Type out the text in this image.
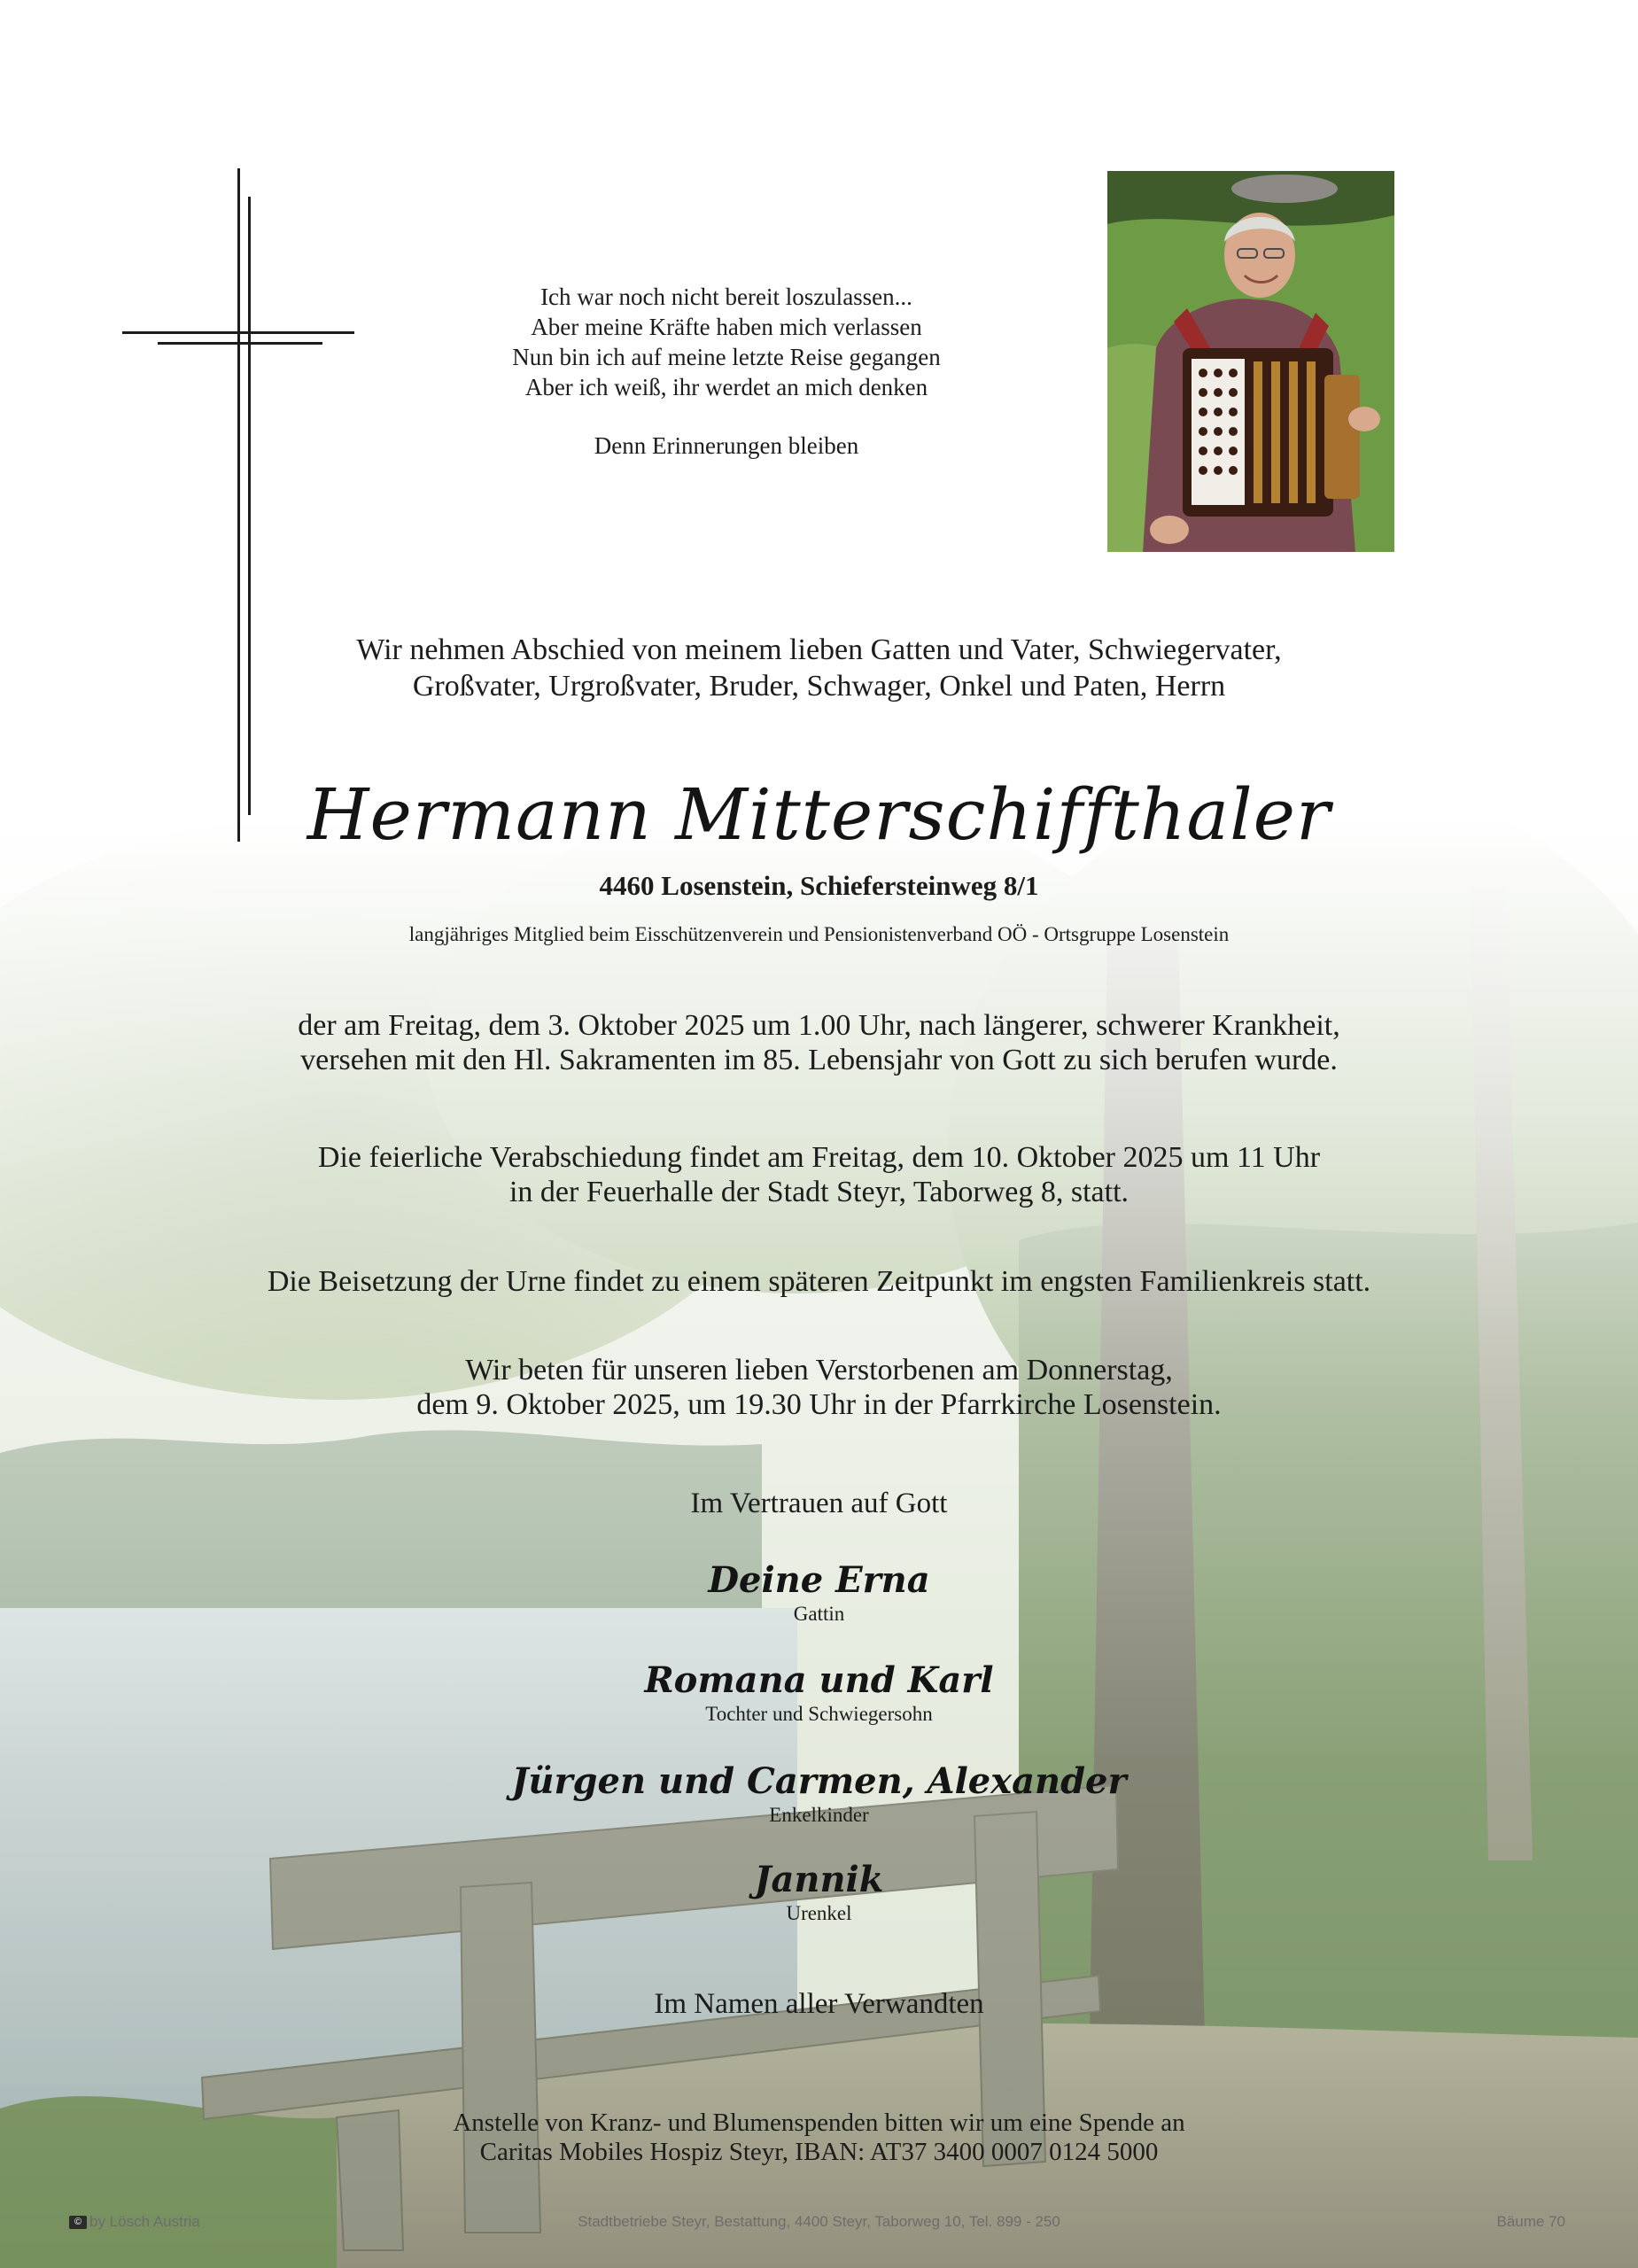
Ich war noch nicht bereit loszulassen...
Aber meine Kräfte haben mich verlassen
Nun bin ich auf meine letzte Reise gegangen
Aber ich weiß, ihr werdet an mich denken
Denn Erinnerungen bleiben
Wir nehmen Abschied von meinem lieben Gatten und Vater, Schwiegervater,
Großvater, Urgroßvater, Bruder, Schwager, Onkel und Paten, Herrn
Hermann Mitterschiffthaler
4460 Losenstein, Schiefersteinweg 8/1
langjähriges Mitglied beim Eisschützenverein und Pensionistenverband OÖ - Ortsgruppe Losenstein
der am Freitag, dem 3. Oktober 2025 um 1.00 Uhr, nach längerer, schwerer Krankheit,
versehen mit den Hl. Sakramenten im 85. Lebensjahr von Gott zu sich berufen wurde.
Die feierliche Verabschiedung findet am Freitag, dem 10. Oktober 2025 um 11 Uhr
in der Feuerhalle der Stadt Steyr, Taborweg 8, statt.
Die Beisetzung der Urne findet zu einem späteren Zeitpunkt im engsten Familienkreis statt.
Wir beten für unseren lieben Verstorbenen am Donnerstag,
dem 9. Oktober 2025, um 19.30 Uhr in der Pfarrkirche Losenstein.
Im Vertrauen auf Gott
Deine Erna
Gattin
Romana und Karl
Tochter und Schwiegersohn
Jürgen und Carmen, Alexander
Enkelkinder
Jannik
Urenkel
Im Namen aller Verwandten
Anstelle von Kranz- und Blumenspenden bitten wir um eine Spende an
Caritas Mobiles Hospiz Steyr, IBAN: AT37 3400 0007 0124 5000
© by Lösch Austria	Stadtbetriebe Steyr, Bestattung, 4400 Steyr, Taborweg 10, Tel. 899 - 250	Bäume 70
